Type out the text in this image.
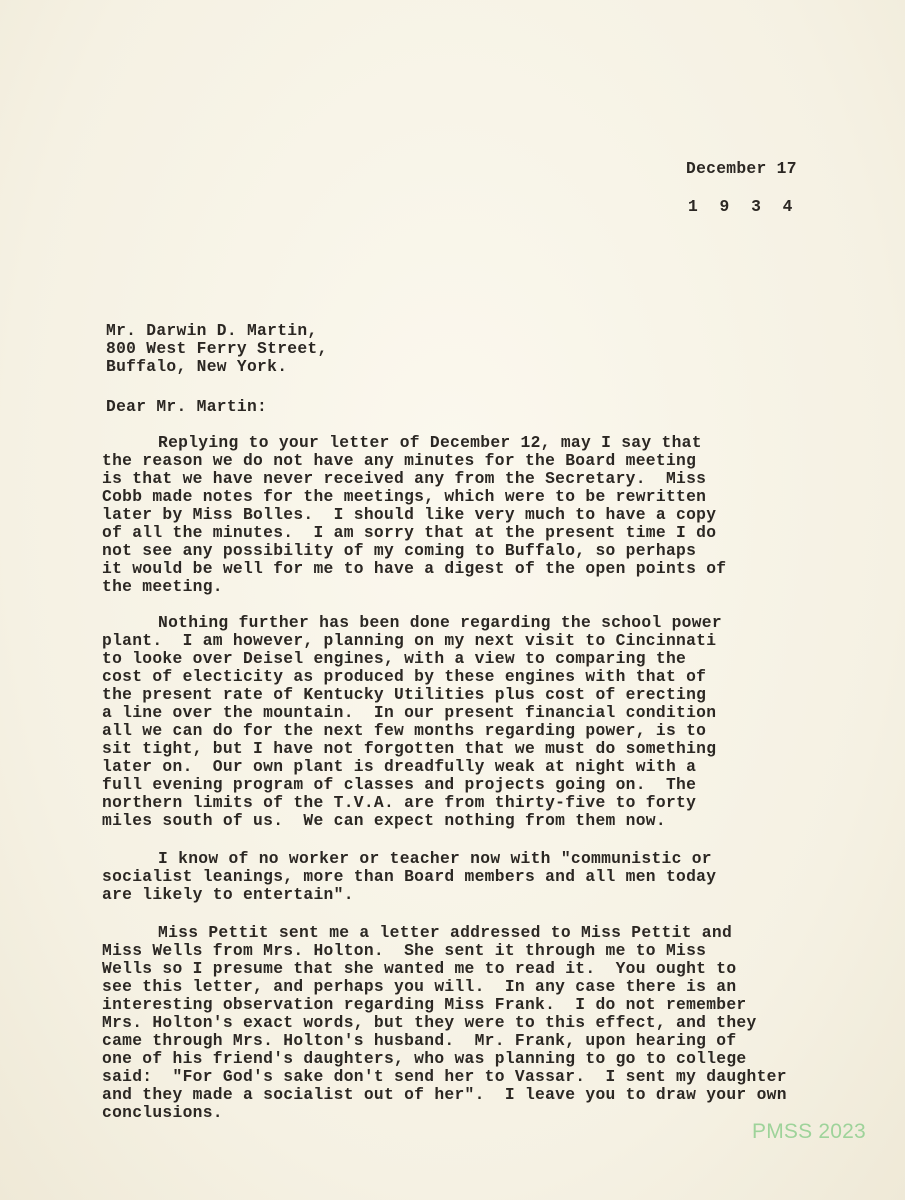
December 17
1 9 3 4
Mr. Darwin D. Martin,
800 West Ferry Street,
Buffalo, New York.
Dear Mr. Martin:
Replying to your letter of December 12, may I say that
the reason we do not have any minutes for the Board meeting
is that we have never received any from the Secretary.  Miss
Cobb made notes for the meetings, which were to be rewritten
later by Miss Bolles.  I should like very much to have a copy
of all the minutes.  I am sorry that at the present time I do
not see any possibility of my coming to Buffalo, so perhaps
it would be well for me to have a digest of the open points of
the meeting.
Nothing further has been done regarding the school power
plant.  I am however, planning on my next visit to Cincinnati
to looke over Deisel engines, with a view to comparing the
cost of electicity as produced by these engines with that of
the present rate of Kentucky Utilities plus cost of erecting
a line over the mountain.  In our present financial condition
all we can do for the next few months regarding power, is to
sit tight, but I have not forgotten that we must do something
later on.  Our own plant is dreadfully weak at night with a
full evening program of classes and projects going on.  The
northern limits of the T.V.A. are from thirty-five to forty
miles south of us.  We can expect nothing from them now.
I know of no worker or teacher now with "communistic or
socialist leanings, more than Board members and all men today
are likely to entertain".
Miss Pettit sent me a letter addressed to Miss Pettit and
Miss Wells from Mrs. Holton.  She sent it through me to Miss
Wells so I presume that she wanted me to read it.  You ought to
see this letter, and perhaps you will.  In any case there is an
interesting observation regarding Miss Frank.  I do not remember
Mrs. Holton's exact words, but they were to this effect, and they
came through Mrs. Holton's husband.  Mr. Frank, upon hearing of
one of his friend's daughters, who was planning to go to college
said:  "For God's sake don't send her to Vassar.  I sent my daughter
and they made a socialist out of her".  I leave you to draw your own
conclusions.
PMSS 2023
